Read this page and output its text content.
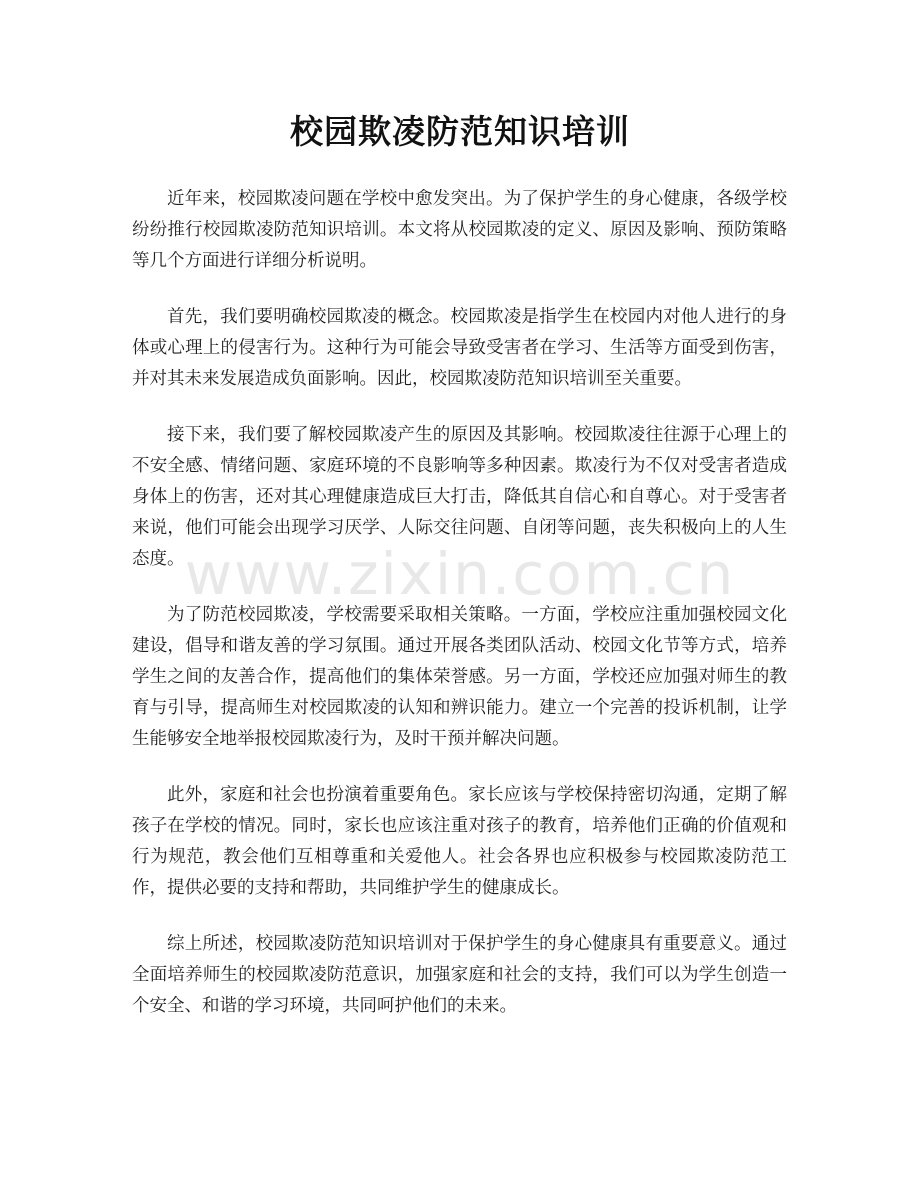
校园欺凌防范知识培训

近年来，校园欺凌问题在学校中愈发突出。为了保护学生的身心健康，各级学校纷纷推行校园欺凌防范知识培训。本文将从校园欺凌的定义、原因及影响、预防策略等几个方面进行详细分析说明。

首先，我们要明确校园欺凌的概念。校园欺凌是指学生在校园内对他人进行的身体或心理上的侵害行为。这种行为可能会导致受害者在学习、生活等方面受到伤害，并对其未来发展造成负面影响。因此，校园欺凌防范知识培训至关重要。

接下来，我们要了解校园欺凌产生的原因及其影响。校园欺凌往往源于心理上的不安全感、情绪问题、家庭环境的不良影响等多种因素。欺凌行为不仅对受害者造成身体上的伤害，还对其心理健康造成巨大打击，降低其自信心和自尊心。对于受害者来说，他们可能会出现学习厌学、人际交往问题、自闭等问题，丧失积极向上的人生态度。

为了防范校园欺凌，学校需要采取相关策略。一方面，学校应注重加强校园文化建设，倡导和谐友善的学习氛围。通过开展各类团队活动、校园文化节等方式，培养学生之间的友善合作，提高他们的集体荣誉感。另一方面，学校还应加强对师生的教育与引导，提高师生对校园欺凌的认知和辨识能力。建立一个完善的投诉机制，让学生能够安全地举报校园欺凌行为，及时干预并解决问题。

此外，家庭和社会也扮演着重要角色。家长应该与学校保持密切沟通，定期了解孩子在学校的情况。同时，家长也应该注重对孩子的教育，培养他们正确的价值观和行为规范，教会他们互相尊重和关爱他人。社会各界也应积极参与校园欺凌防范工作，提供必要的支持和帮助，共同维护学生的健康成长。

综上所述，校园欺凌防范知识培训对于保护学生的身心健康具有重要意义。通过全面培养师生的校园欺凌防范意识，加强家庭和社会的支持，我们可以为学生创造一个安全、和谐的学习环境，共同呵护他们的未来。

www.zixin.com.cn
